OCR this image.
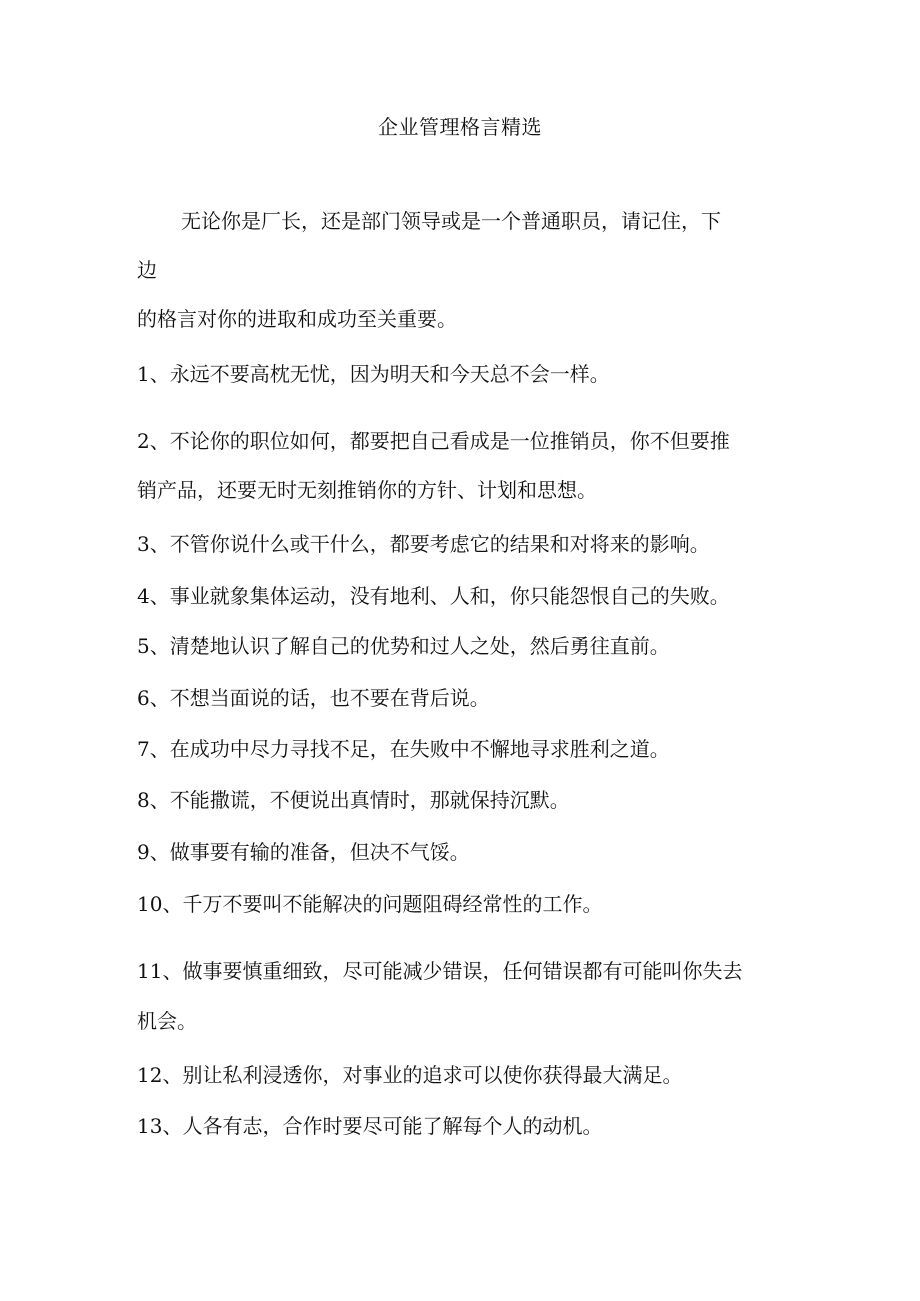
企业管理格言精选
无论你是厂长，还是部门领导或是一个普通职员，请记住，下
边
的格言对你的进取和成功至关重要。
1、永远不要高枕无忧，因为明天和今天总不会一样。
2、不论你的职位如何，都要把自己看成是一位推销员，你不但要推
销产品，还要无时无刻推销你的方针、计划和思想。
3、不管你说什么或干什么，都要考虑它的结果和对将来的影响。
4、事业就象集体运动，没有地利、人和，你只能怨恨自己的失败。
5、清楚地认识了解自己的优势和过人之处，然后勇往直前。
6、不想当面说的话，也不要在背后说。
7、在成功中尽力寻找不足，在失败中不懈地寻求胜利之道。
8、不能撒谎，不便说出真情时，那就保持沉默。
9、做事要有输的准备，但决不气馁。
10、千万不要叫不能解决的问题阻碍经常性的工作。
11、做事要慎重细致，尽可能减少错误，任何错误都有可能叫你失去
机会。
12、别让私利浸透你，对事业的追求可以使你获得最大满足。
13、人各有志，合作时要尽可能了解每个人的动机。
